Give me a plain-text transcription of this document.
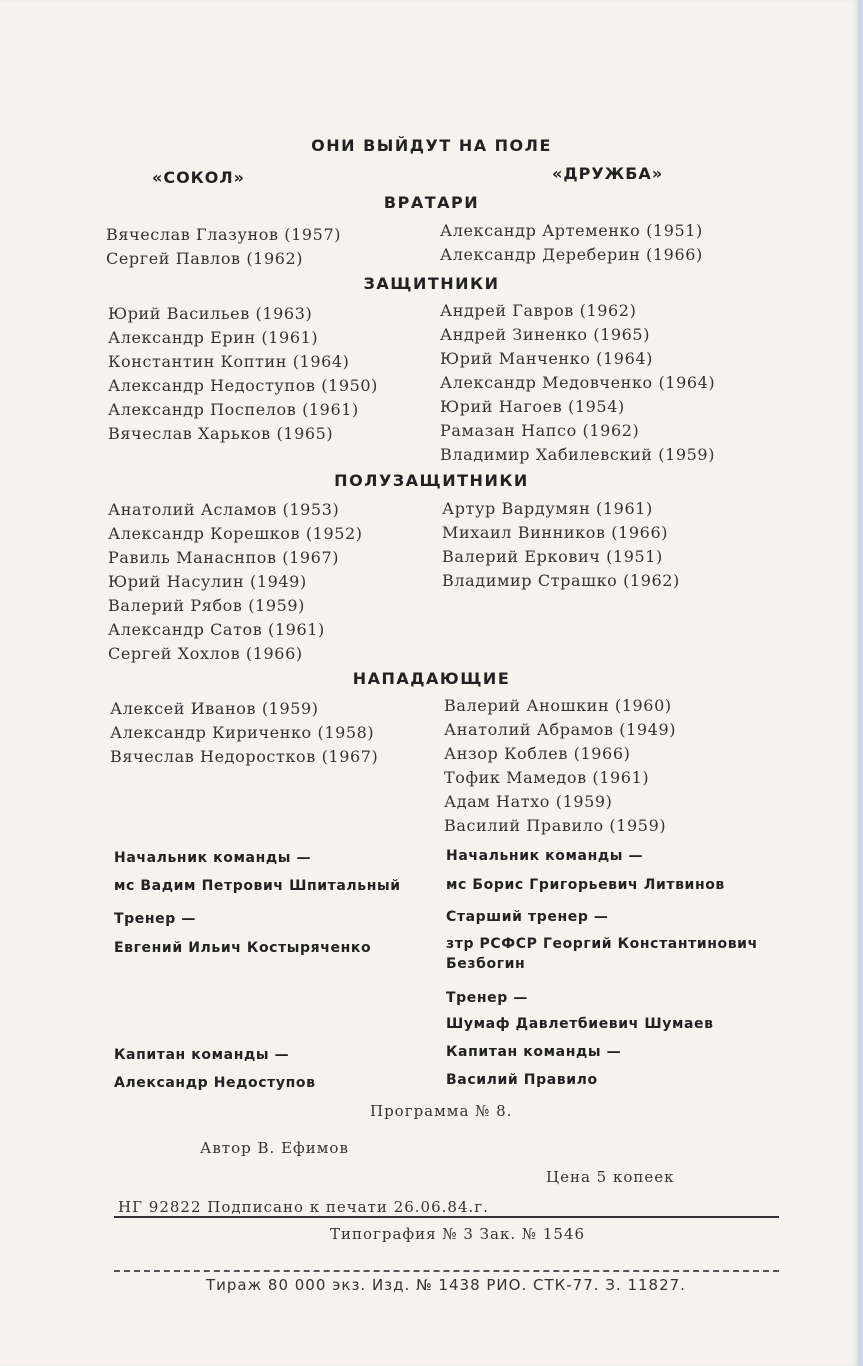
ОНИ ВЫЙДУТ НА ПОЛЕ
«СОКОЛ»	«ДРУЖБА»
ВРАТАРИ
Вячеслав Глазунов (1957)
Сергей Павлов (1962)
Александр Артеменко (1951)
Александр Дереберин (1966)
ЗАЩИТНИКИ
Юрий Васильев (1963)
Александр Ерин (1961)
Константин Коптин (1964)
Александр Недоступов (1950)
Александр Поспелов (1961)
Вячеслав Харьков (1965)
Андрей Гавров (1962)
Андрей Зиненко (1965)
Юрий Манченко (1964)
Александр Медовченко (1964)
Юрий Нагоев (1954)
Рамазан Напсо (1962)
Владимир Хабилевский (1959)
ПОЛУЗАЩИТНИКИ
Анатолий Асламов (1953)
Александр Корешков (1952)
Равиль Манаснпов (1967)
Юрий Насулин (1949)
Валерий Рябов (1959)
Александр Сатов (1961)
Сергей Хохлов (1966)
Артур Вардумян (1961)
Михаил Винников (1966)
Валерий Еркович (1951)
Владимир Страшко (1962)
НАПАДАЮЩИЕ
Алексей Иванов (1959)
Александр Кириченко (1958)
Вячеслав Недоростков (1967)
Валерий Аношкин (1960)
Анатолий Абрамов (1949)
Анзор Коблев (1966)
Тофик Мамедов (1961)
Адам Натхо (1959)
Василий Правило (1959)
Начальник команды —
мс Вадим Петрович Шпитальный
Тренер —
Евгений Ильич Костыряченко
Капитан команды —
Александр Недоступов
Начальник команды —
мс Борис Григорьевич Литвинов
Старший тренер —
зтр РСФСР Георгий Константинович
Безбогин
Тренер —
Шумаф Давлетбиевич Шумаев
Капитан команды —
Василий Правило
Программа № 8.
Автор В. Ефимов
Цена 5 копеек
НГ 92822 Подписано к печати 26.06.84.г.
Типография № 3 Зак. № 1546
Тираж 80 000 экз. Изд. № 1438 РИО. СТК-77. З. 11827.
